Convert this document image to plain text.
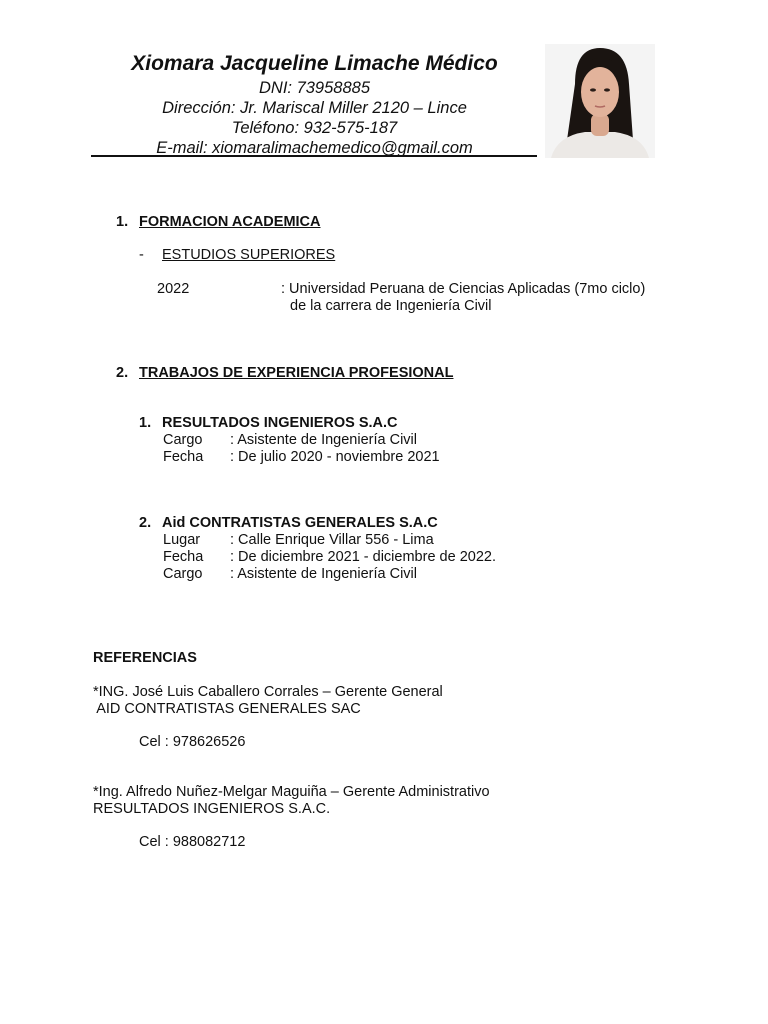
Xiomara Jacqueline Limache Médico
DNI: 73958885
Dirección: Jr. Mariscal Miller 2120 – Lince
Teléfono: 932-575-187
E-mail: xiomaralimachemedico@gmail.com
1. FORMACION ACADEMICA
- ESTUDIOS SUPERIORES
2022	: Universidad Peruana de Ciencias Aplicadas (7mo ciclo)
de la carrera de Ingeniería Civil
2. TRABAJOS DE EXPERIENCIA PROFESIONAL
1. RESULTADOS INGENIEROS S.A.C
Cargo : Asistente de Ingeniería Civil
Fecha : De julio 2020 - noviembre 2021
2. Aid CONTRATISTAS GENERALES S.A.C
Lugar : Calle Enrique Villar 556 - Lima
Fecha : De diciembre 2021 - diciembre de 2022.
Cargo : Asistente de Ingeniería Civil
REFERENCIAS
*ING. José Luis Caballero Corrales – Gerente General
AID CONTRATISTAS GENERALES SAC
Cel : 978626526
*Ing. Alfredo Nuñez-Melgar Maguiña – Gerente Administrativo
RESULTADOS INGENIEROS S.A.C.
Cel : 988082712
